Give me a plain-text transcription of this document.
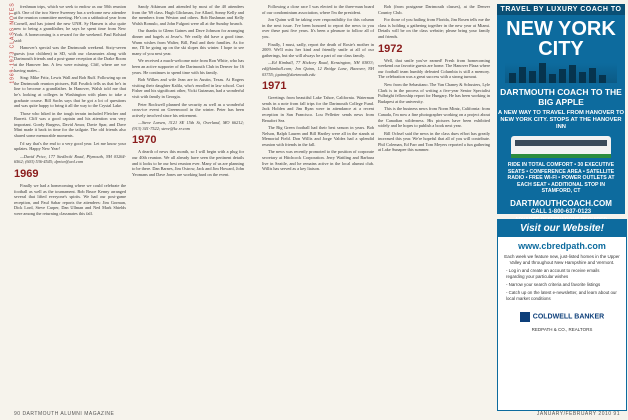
1969-1973 CLASS NOTES	freshman trips, which we seek to endow as our 50th reunion gift. One of the two Steve Sweeney has a welcome new attendee at the reunion committee meeting. He's on a sabbatical year from Cornell, and has joined the new UNH. Sy Hansen is also quite new to being a grandfather, he says he spent time from New York. A homecoming is a reward for the weekend. Paul Bolstad said:

Hanover's special was the Dartmouth weekend. Sixty-seven guests (our children) in SD, with our classmates along with Dartmouth friends and a post-game reception at the Drake Room at the Hanover Inn. A few were missing. Cliff, where are we having mates...

Sing: Mike Fritz, Lewis Wall and Bob Ruff. Following up on the Dartmouth reunion pictures, Bill Fosdick tells us that he's in line to become a grandfather. In Hanover, Walsh told me that he's looking at colleges in Washington with plans to take a graduate course. Bill Sachs says that he got a lot of questions and was quite happy to bring it all the way to the Crystal Lake.

Those who hiked in the tough terrain included Fletcher and Barrett. Cliff was a good captain and his attention was very important. Gordy Burgess, David Amor, Davie Spar, and Dave Mint made it back in time for the tailgate. The old friends also shared some memorable moments.

I'd say that's the end to a very good year. Let me know your updates. Happy New Year!

—David Price, 177 Siedlecki Road, Plymouth, NH 03264-6562; (603) 536-4545; dprice@aol.com

1969

Finally we had a homecoming where we could celebrate the football as well as the tournament. Bob Bruce Kenny arranged several that lifted everyone's spirits. We had our post-game reception, and Paul Sabar reports the attendees: Jim Gorman, Dick Lord, Steve Carper, Dan Ullman and Ned Mark Shields were among the returning classmates this fall.

Sandy Atkinson and attended by most of the 40 attendees from the '69 class. Hugh Glickman, Joe Allard, Sonny Kelly and the members from Weston and others. Bob Bushman and Kelly Walsh Romulo, and John Fulgoni were all at the Sunday brunch.

Our thanks to Glenn Gaines and Dave Johnson for arranging dinner and bagels at Jesse's. We really did have a good time. Warm wishes from Walter, Bill, Paul and their families. As for me, I'll be going up on the ski slopes this winter. I hope to see many of you next year.

We received a much-welcome note from Ron White, who has been an active supporter of the Dartmouth Club in Denver for 16 years. He continues to spend time with his family.

Bob Wilkes and wife Jean are in Austin, Texas. At Rogers visiting their daughter Kalila, who's enrolled in law school. Curt Fisher and his significant other, Vicki Gutzman, had a wonderful visit with family in Georgia.

Peter Rockwell planned the security as well as a wonderful cross-ice event on Greenwood in the winter. Peter has been actively involved since his retirement.

—Steve Larsen, 3121 SE 15th St, Overland, MO 66212; (913) 341-7522; steve@kc.rr.com

1970

A dearth of news this month, so I will begin with a plug for our 40th reunion. We all already have seen the pertinent details and it looks to be our best reunion ever. Many of us are planning to be there. Dan Barnes, Jim Ostrow, Jack and Jim Howard, John Yeomans and Dave Jones are working hard on the event.

Following a close race I was elected to the three-man board of our condominium association, where I'm the president.

Jon Quinn will be taking over responsibility for this column in the next issue. I've been honored to report the news to you over these past five years. It's been a pleasure to follow all of you.

Finally, I must, sadly, report the death of Rosie's mother in 2009. We'll miss her kind and friendly smile at all of our gatherings, but she will always be a part of our class family.

—Ed Kimball, 77 Hickory Road, Kensington, NH 03833; ed@kimball.com; Jon Quinn, 12 Bridge Lane, Hanover, NH 03755; jquinn@dartmouth.edu

1971

Greetings from beautiful Lake Tahoe, California. Waterman sends in a note from fall trips for the Dartmouth College Fund. Jack Holden and Jim Ryan were in attendance at a recent reception in San Francisco. Lou Pelletier sends news from Beaufort Sea.

The Big Green football had their best season in years. Bob Nelson, Ralph Lauren and Bill Hartley were all in the stands at Memorial Field. Don Willis and Jorge Valdez had a splendid reunion with friends in the fall.

The news was recently promoted to the position of corporate secretary at Hitchcock Corporation. Jerry Wattling and Barbara live in Seattle, and he remains active in the local alumni club. Willis has served as a key liaison.

Bob (from postgame Dartmouth classes), at the Denver Country Club.

For those of you hailing from Florida, Jim Rosen tells me the class is holding a gathering together in the new year at Miami. Details will be on the class website; please bring your family and friends.

1972

Well, that smile you've earned! Fresh from homecoming weekend our favorite guests are home. The Hanover Plaza where our football team humbly defeated Columbia is still a memory. The celebration was a great success with a strong turnout.

New from the Sebastiano. The Van Chaney & Schusters, Lyle Clark is in the process of writing a five-year Senior Specialist Fulbright fellowship report for Hungary. He has been working in Budapest at the university.

This is the business news from Norm Mintz, California: from Canada, I'm now a fine photographer working on a project about the Canadian wilderness. His pictures have been exhibited widely and he hopes to publish a book next year.

Bill Ochsel said the news in the class dues effort has greatly increased this year. We're hopeful that all of you will contribute. Phil Coleman, Ed Farr and Tom Meyers reported a fun gathering at Lake Sunapee this summer.

TRAVEL BY LUXURY COACH TO
NEW YORK CITY
DARTMOUTH COACH TO THE BIG APPLE
A NEW WAY TO TRAVEL FROM HANOVER TO NEW YORK CITY. STOPS AT THE HANOVER INN
RIDE IN TOTAL COMFORT • 30 EXECUTIVE SEATS • CONFERENCE AREA • SATELLITE RADIO • FREE WI-FI • POWER OUTLETS AT EACH SEAT • ADDITIONAL STOP IN STAMFORD, CT
DARTMOUTHCOACH.COM
CALL 1-800-637-0123
Visit our Website!
www.cbredpath.com
Each week we feature new, just-listed homes in the Upper Valley and throughout New Hampshire and Vermont.
- Log in and create an account to receive emails regarding your particular wishes
- Narrow your search criteria and favorite listings
- Catch up on the latest e-newsletter, and learn about our local market conditions
COLDWELL BANKER
REDPATH & CO., REALTORS
90 DARTMOUTH ALUMNI MAGAZINE	JANUARY/FEBRUARY 2010 91
